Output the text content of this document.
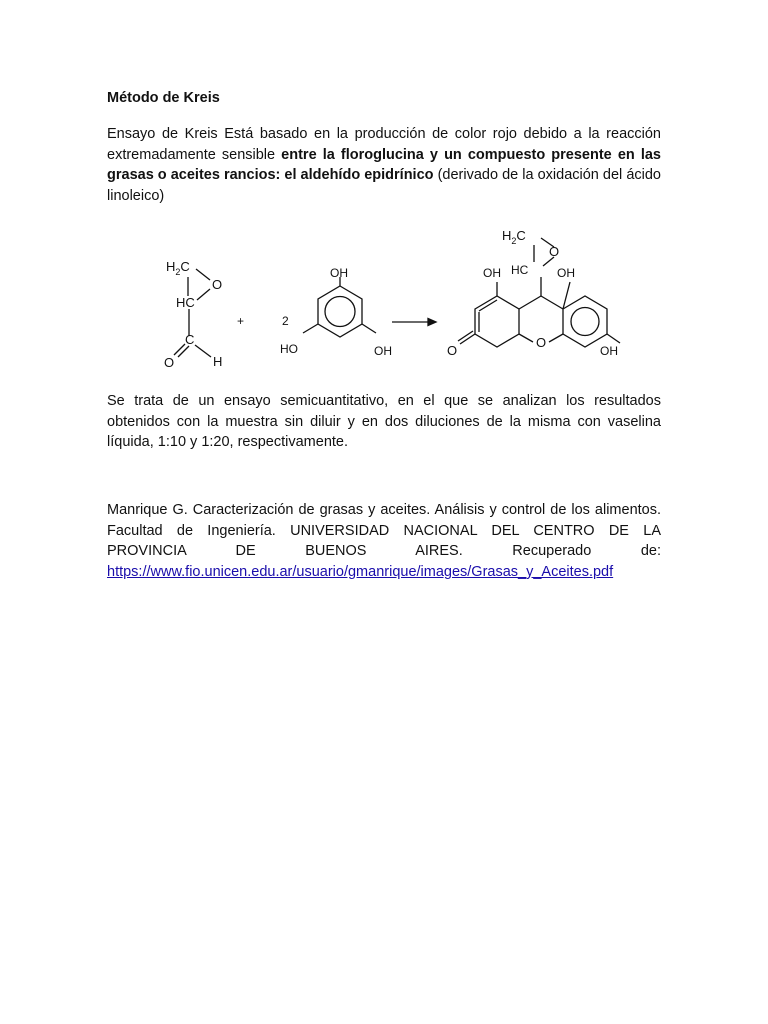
Método de Kreis

Ensayo de Kreis Está basado en la producción de color rojo debido a la reacción extremadamente sensible entre la floroglucina y un compuesto presente en las grasas o aceites rancios: el aldehído epidrínico (derivado de la oxidación del ácido linoleico)

$H_2C$
O
HC
C
O	H
+	2
OH
HO	OH
$H_2C$
O
HC
OH	OH
O
O
OH

Se trata de un ensayo semicuantitativo, en el que se analizan los resultados obtenidos con la muestra sin diluir y en dos diluciones de la misma con vaselina líquida, 1:10 y 1:20, respectivamente.

Manrique G. Caracterización de grasas y aceites. Análisis y control de los alimentos. Facultad de Ingeniería. UNIVERSIDAD NACIONAL DEL CENTRO DE LA PROVINCIA DE BUENOS AIRES. Recuperado de:

https://www.fio.unicen.edu.ar/usuario/gmanrique/images/Grasas_y_Aceites.pdf
